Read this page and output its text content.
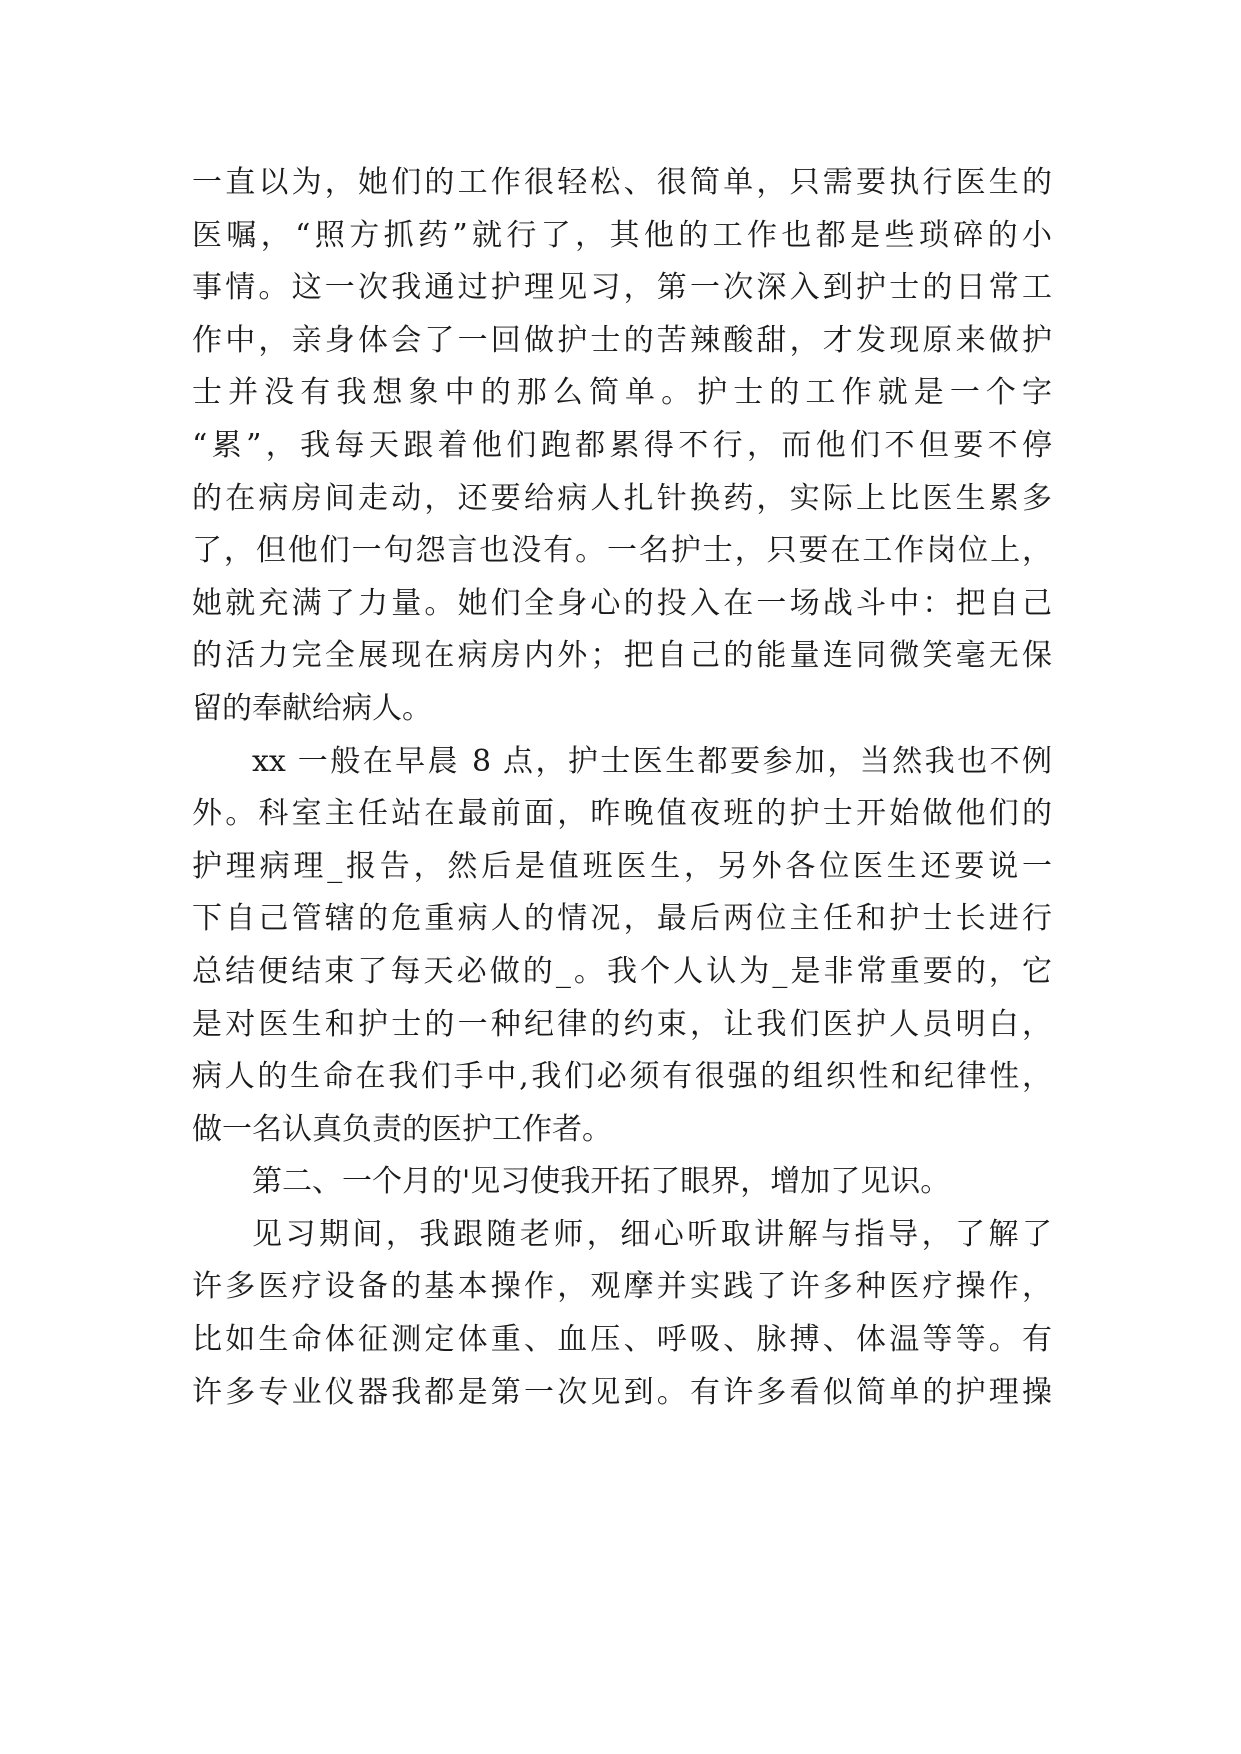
一直以为，她们的工作很轻松、很简单，只需要执行医生的
医嘱，“照方抓药”就行了，其他的工作也都是些琐碎的小
事情。这一次我通过护理见习，第一次深入到护士的日常工
作中，亲身体会了一回做护士的苦辣酸甜，才发现原来做护
士并没有我想象中的那么简单。护士的工作就是一个字
“累”，我每天跟着他们跑都累得不行，而他们不但要不停
的在病房间走动，还要给病人扎针换药，实际上比医生累多
了，但他们一句怨言也没有。一名护士，只要在工作岗位上，
她就充满了力量。她们全身心的投入在一场战斗中：把自己
的活力完全展现在病房内外；把自己的能量连同微笑毫无保
留的奉献给病人。
xx 一般在早晨 8 点，护士医生都要参加，当然我也不例
外。科室主任站在最前面，昨晚值夜班的护士开始做他们的
护理病理_报告，然后是值班医生，另外各位医生还要说一
下自己管辖的危重病人的情况，最后两位主任和护士长进行
总结便结束了每天必做的_。我个人认为_是非常重要的，它
是对医生和护士的一种纪律的约束，让我们医护人员明白，
病人的生命在我们手中,我们必须有很强的组织性和纪律性，
做一名认真负责的医护工作者。
第二、一个月的'见习使我开拓了眼界，增加了见识。
见习期间，我跟随老师，细心听取讲解与指导，了解了
许多医疗设备的基本操作，观摩并实践了许多种医疗操作，
比如生命体征测定体重、血压、呼吸、脉搏、体温等等。有
许多专业仪器我都是第一次见到。有许多看似简单的护理操
